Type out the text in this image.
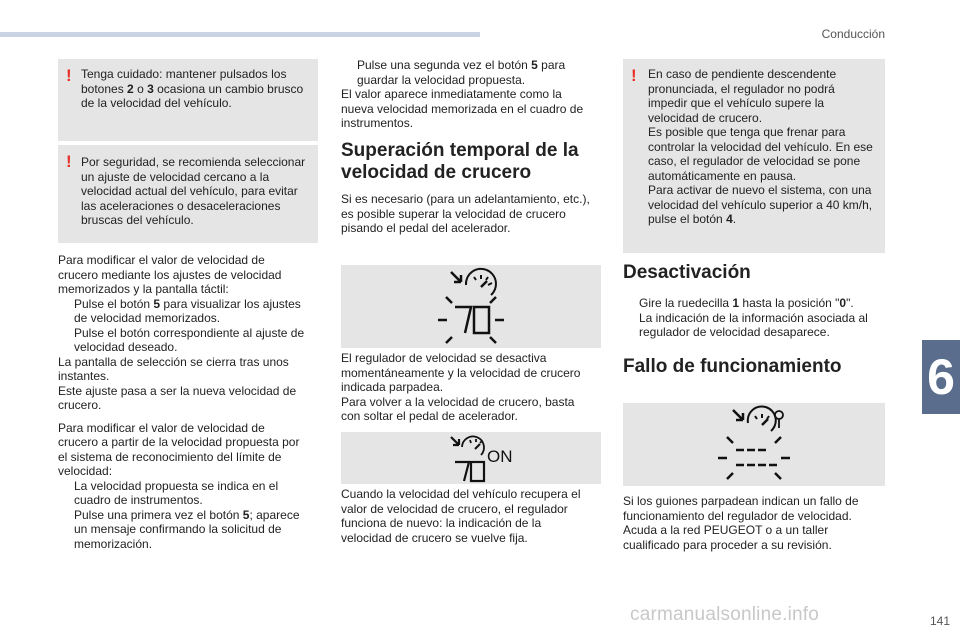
Conducción
6
141
! Tenga cuidado: mantener pulsados los

botones 2 o 3 ocasiona un cambio brusco

de la velocidad del vehículo.

! Por seguridad, se recomienda seleccionar

un ajuste de velocidad cercano a la

velocidad actual del vehículo, para evitar

las aceleraciones o desaceleraciones

bruscas del vehículo.

Para modificar el valor de velocidad de

crucero mediante los ajustes de velocidad

memorizados y la pantalla táctil:

Pulse el botón 5 para visualizar los ajustes

de velocidad memorizados.

Pulse el botón correspondiente al ajuste de

velocidad deseado.

La pantalla de selección se cierra tras unos

instantes.

Este ajuste pasa a ser la nueva velocidad de

crucero.

Para modificar el valor de velocidad de

crucero a partir de la velocidad propuesta por

el sistema de reconocimiento del límite de

velocidad:

La velocidad propuesta se indica en el

cuadro de instrumentos.

Pulse una primera vez el botón 5; aparece

un mensaje confirmando la solicitud de

memorización.

Pulse una segunda vez el botón 5 para

guardar la velocidad propuesta.

El valor aparece inmediatamente como la

nueva velocidad memorizada en el cuadro de

instrumentos.

Superación temporal de la
velocidad de crucero

Si es necesario (para un adelantamiento, etc.),

es posible superar la velocidad de crucero

pisando el pedal del acelerador.

70

El regulador de velocidad se desactiva

momentáneamente y la velocidad de crucero

indicada parpadea.

Para volver a la velocidad de crucero, basta

con soltar el pedal de acelerador.

ON

Cuando la velocidad del vehículo recupera el

valor de velocidad de crucero, el regulador

funciona de nuevo: la indicación de la

velocidad de crucero se vuelve fija.

! En caso de pendiente descendente

pronunciada, el regulador no podrá

impedir que el vehículo supere la

velocidad de crucero.

Es posible que tenga que frenar para

controlar la velocidad del vehículo. En ese

caso, el regulador de velocidad se pone

automáticamente en pausa.

Para activar de nuevo el sistema, con una

velocidad del vehículo superior a 40 km/h,

pulse el botón 4.

Desactivación

Gire la ruedecilla 1 hasta la posición "0".

La indicación de la información asociada al

regulador de velocidad desaparece.

Fallo de funcionamiento

Si los guiones parpadean indican un fallo de

funcionamiento del regulador de velocidad.

Acuda a la red PEUGEOT o a un taller

cualificado para proceder a su revisión.

carmanualsonline.info
